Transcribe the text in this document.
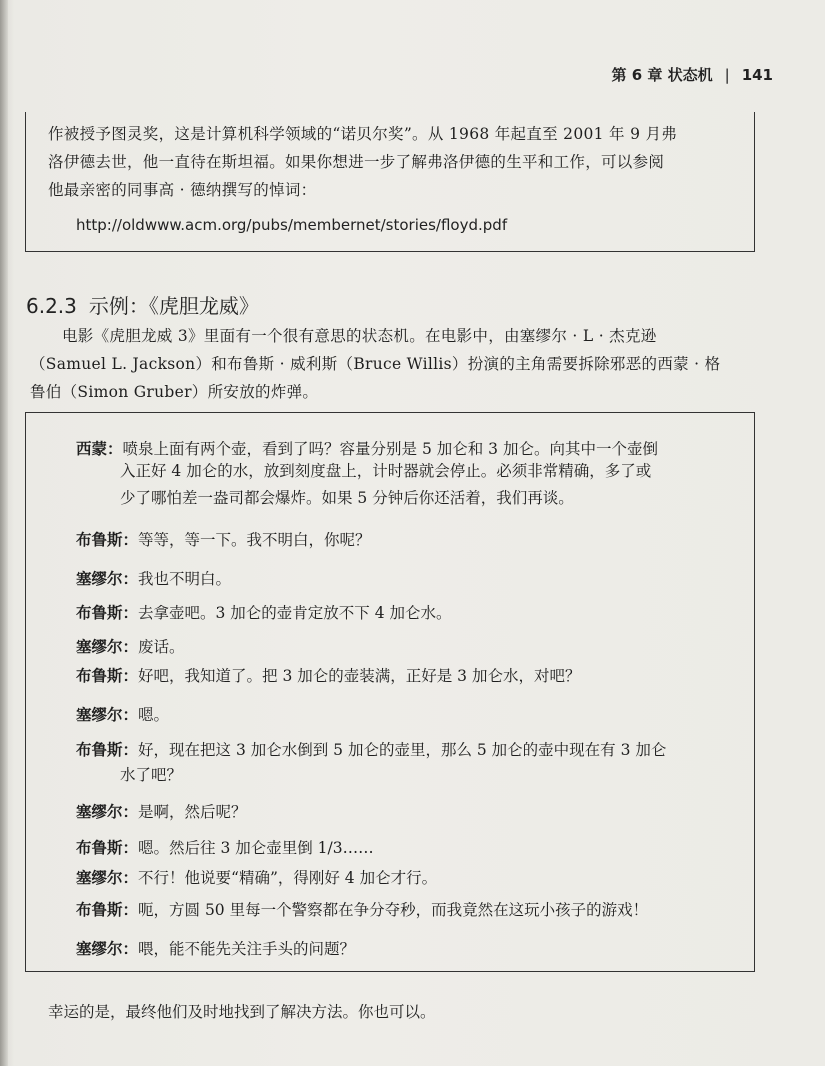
第 6 章 状态机 | 141
作被授予图灵奖，这是计算机科学领域的“诺贝尔奖”。从 1968 年起直至 2001 年 9 月弗
洛伊德去世，他一直待在斯坦福。如果你想进一步了解弗洛伊德的生平和工作，可以参阅
他最亲密的同事高 · 德纳撰写的悼词：
http://oldwww.acm.org/pubs/membernet/stories/floyd.pdf
6.2.3 示例：《虎胆龙威》
电影《虎胆龙威 3》里面有一个很有意思的状态机。在电影中，由塞缪尔 · L · 杰克逊
（Samuel L. Jackson）和布鲁斯 · 威利斯（Bruce Willis）扮演的主角需要拆除邪恶的西蒙 · 格
鲁伯（Simon Gruber）所安放的炸弹。
西蒙：喷泉上面有两个壶，看到了吗？容量分别是 5 加仑和 3 加仑。向其中一个壶倒
入正好 4 加仑的水，放到刻度盘上，计时器就会停止。必须非常精确，多了或
少了哪怕差一盎司都会爆炸。如果 5 分钟后你还活着，我们再谈。
布鲁斯：等等，等一下。我不明白，你呢？
塞缪尔：我也不明白。
布鲁斯：去拿壶吧。3 加仑的壶肯定放不下 4 加仑水。
塞缪尔：废话。
布鲁斯：好吧，我知道了。把 3 加仑的壶装满，正好是 3 加仑水，对吧？
塞缪尔：嗯。
布鲁斯：好，现在把这 3 加仑水倒到 5 加仑的壶里，那么 5 加仑的壶中现在有 3 加仑
水了吧？
塞缪尔：是啊，然后呢？
布鲁斯：嗯。然后往 3 加仑壶里倒 1/3……
塞缪尔：不行！他说要“精确”，得刚好 4 加仑才行。
布鲁斯：呃，方圆 50 里每一个警察都在争分夺秒，而我竟然在这玩小孩子的游戏！
塞缪尔：喂，能不能先关注手头的问题？
幸运的是，最终他们及时地找到了解决方法。你也可以。
